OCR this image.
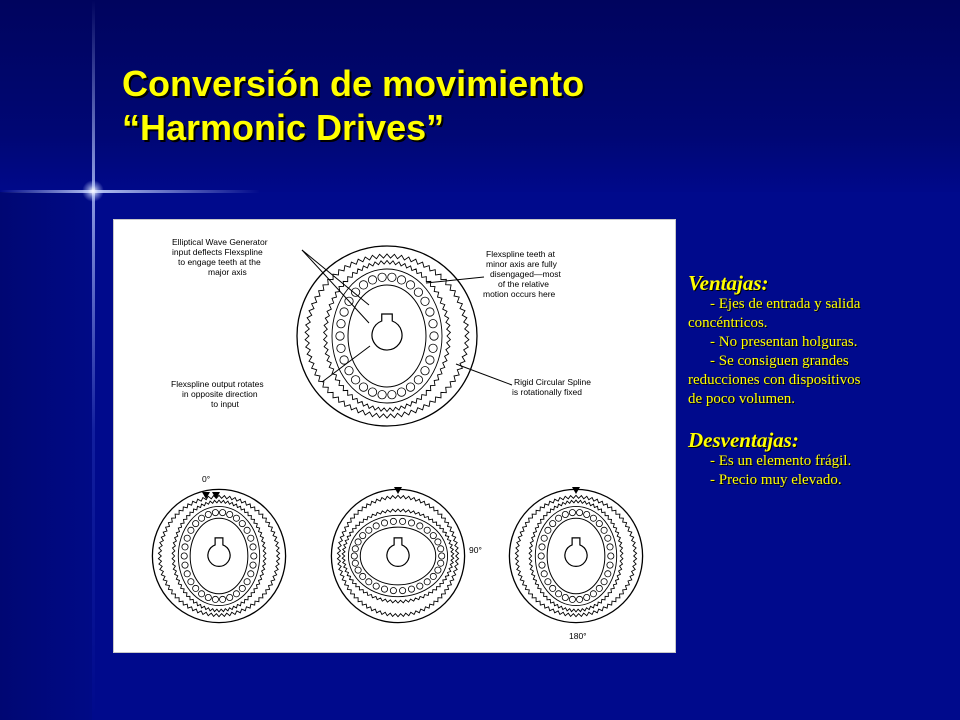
Conversión de movimiento
“Harmonic Drives”
Elliptical Wave Generator
input deflects Flexspline
to engage teeth at the
major axis
Flexspline teeth at
minor axis are fully
disengaged—most
of the relative
motion occurs here
Flexspline output rotates
in opposite direction
to input
Rigid Circular Spline
is rotationally fixed
0°
90°
180°
Ventajas:
- Ejes de entrada y salida
concéntricos.
- No presentan holguras.
- Se consiguen grandes
reducciones con dispositivos
de poco volumen.
Desventajas:
- Es un elemento frágil.
- Precio muy elevado.
